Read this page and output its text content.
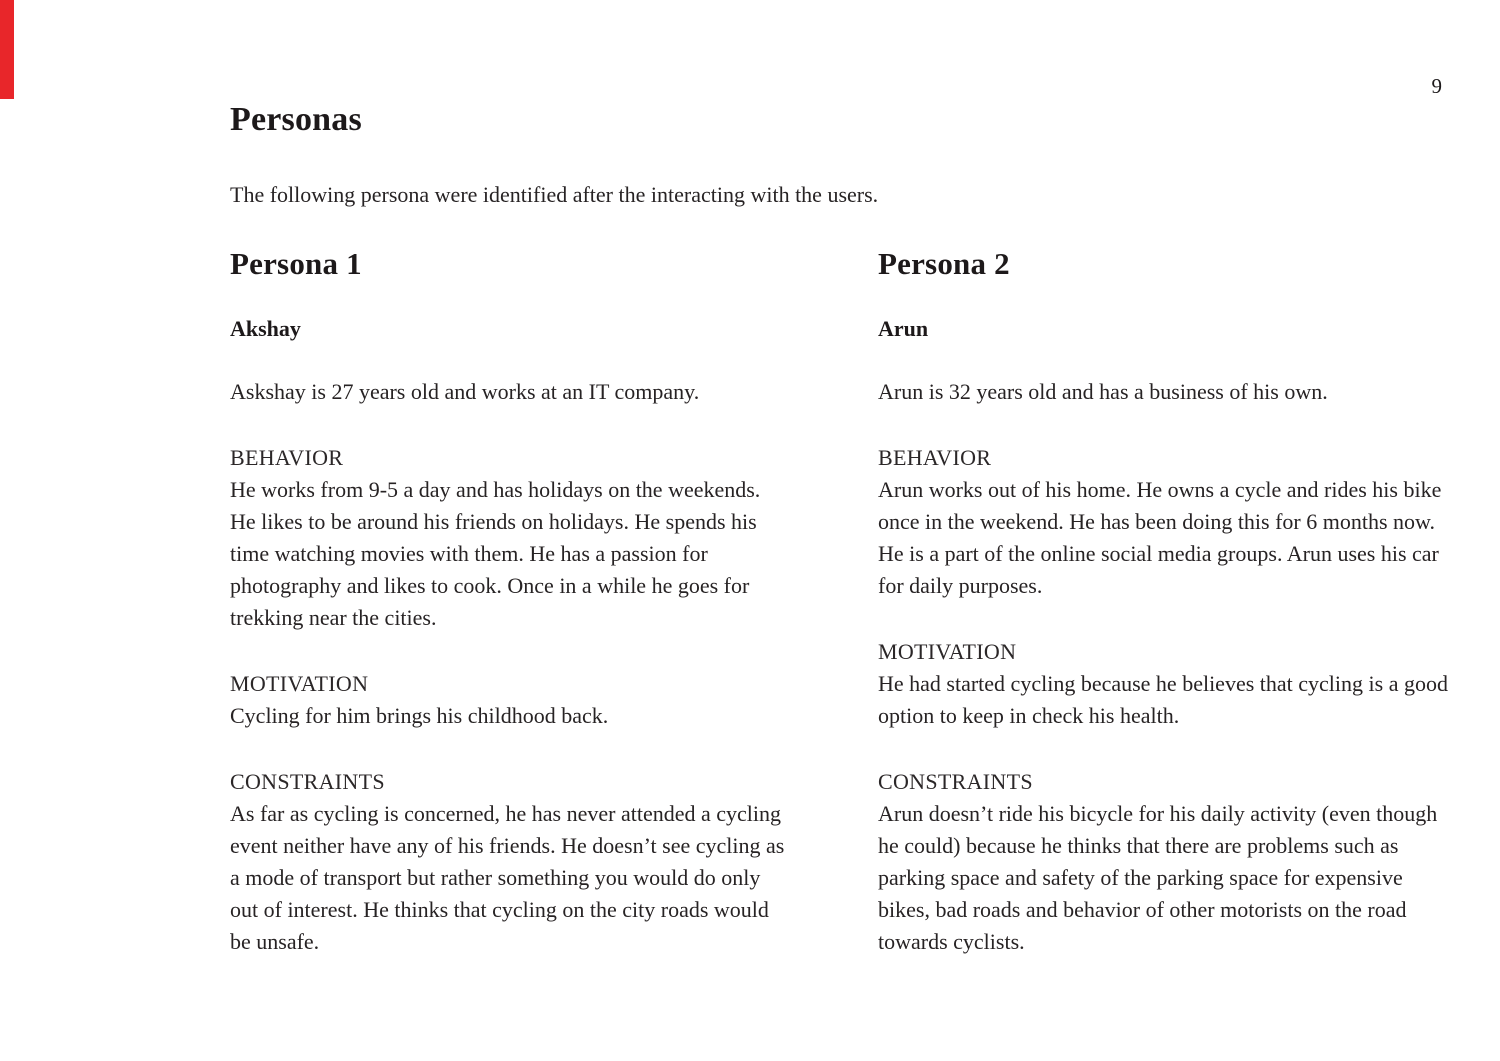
9
Personas

The following persona were identified after the interacting with the users.

Persona 1
Akshay

Askshay is 27 years old and works at an IT company.

BEHAVIOR

He works from 9-5 a day and has holidays on the weekends. He likes to be around his friends on holidays. He spends his time watching movies with them. He has a passion for photography and likes to cook. Once in a while he goes for trekking near the cities.

MOTIVATION

Cycling for him brings his childhood back.

CONSTRAINTS

As far as cycling is concerned, he has never attended a cycling event neither have any of his friends. He doesn’t see cycling as a mode of transport but rather something you would do only out of interest. He thinks that cycling on the city roads would be unsafe.

Persona 2
Arun

Arun is 32 years old and has a business of his own.

BEHAVIOR

Arun works out of his home. He owns a cycle and rides his bike once in the weekend. He has been doing this for 6 months now. He is a part of the online social media groups. Arun uses his car for daily purposes.

MOTIVATION

He had started cycling because he believes that cycling is a good option to keep in check his health.

CONSTRAINTS

Arun doesn’t ride his bicycle for his daily activity (even though he could) because he thinks that there are problems such as parking space and safety of the parking space for expensive bikes, bad roads and behavior of other motorists on the road towards cyclists.
